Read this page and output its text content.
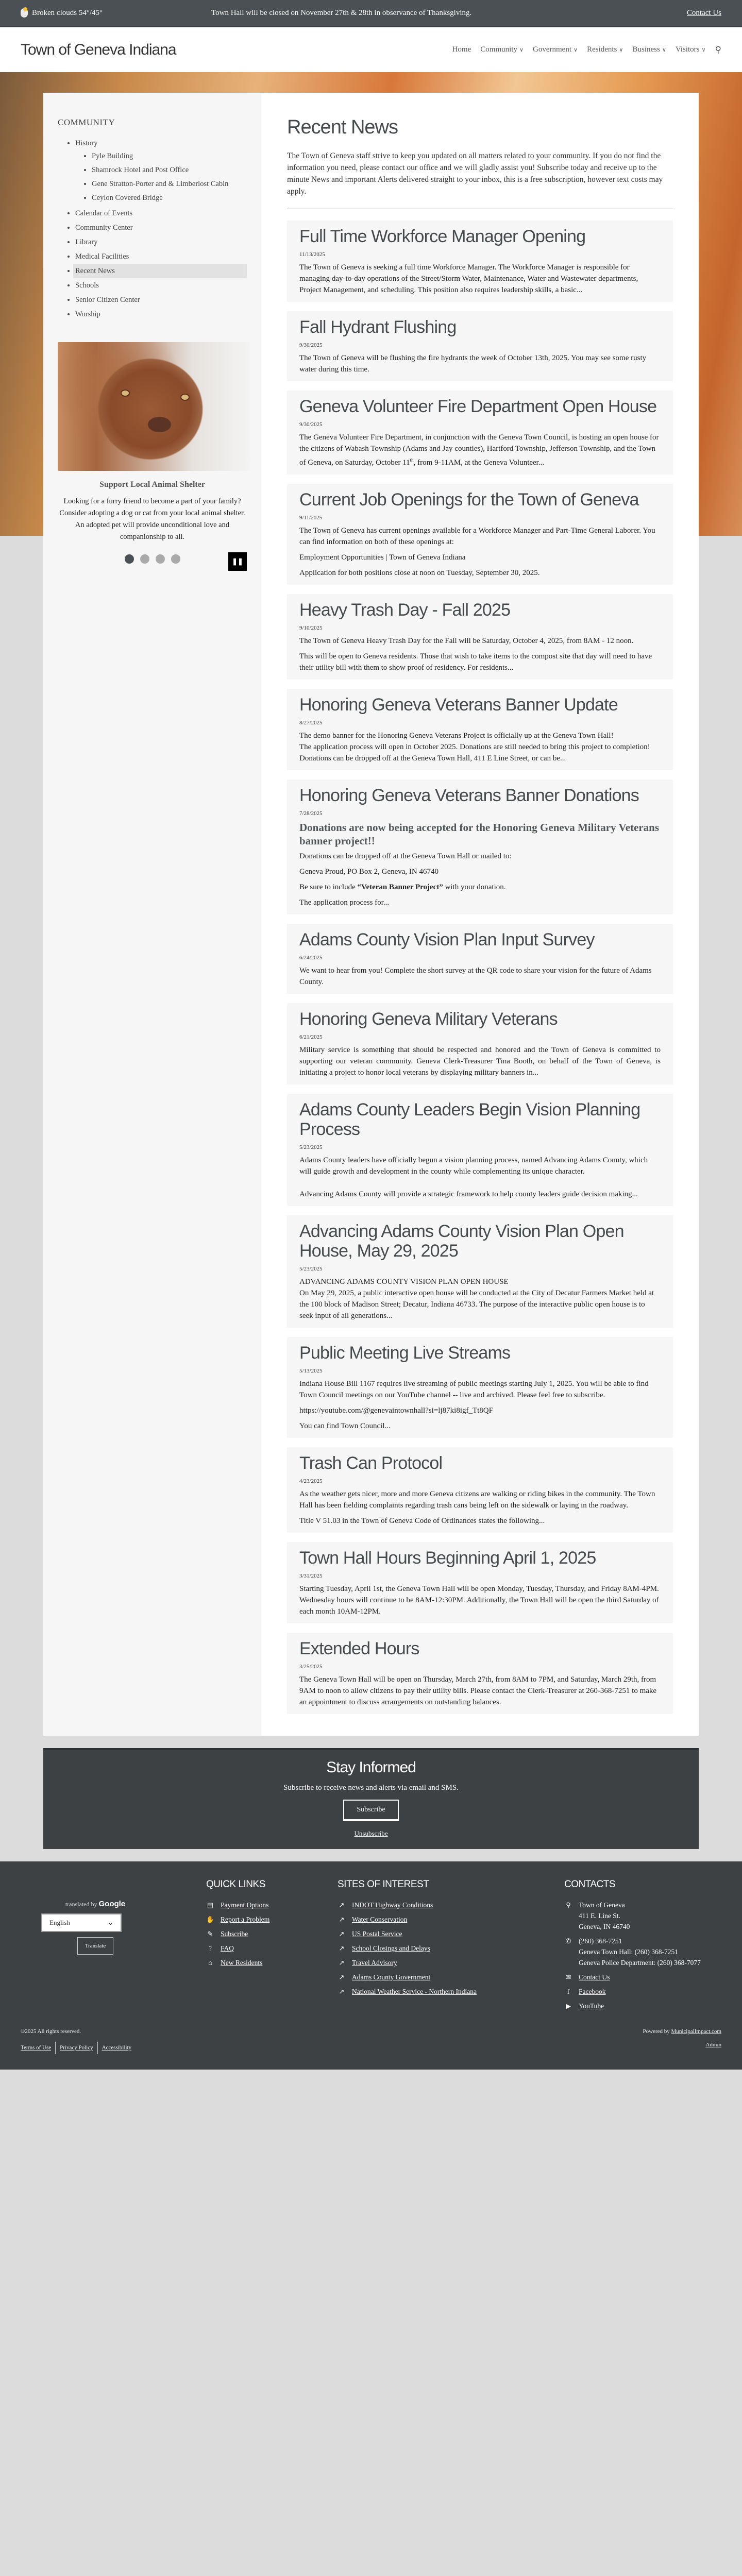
Broken clouds 54°/45°	Town Hall will be closed on November 27th & 28th in observance of Thanksgiving.	Contact Us
Town of Geneva Indiana	Home Community ∨ Government ∨ Residents ∨ Business ∨ Visitors ∨ ⚲
COMMUNITY
• History
• Pyle Building
• Shamrock Hotel and Post Office
• Gene Stratton-Porter and & Limberlost Cabin
• Ceylon Covered Bridge
• Calendar of Events
• Community Center
• Library
• Medical Facilities
• Recent News
• Schools
• Senior Citizen Center
• Worship
Support Local Animal Shelter

Looking for a furry friend to become a part of your family? Consider adopting a dog or cat from your local animal shelter. An adopted pet will provide unconditional love and companionship to all.

❚❚
Recent News

The Town of Geneva staff strive to keep you updated on all matters related to your community. If you do not find the information you need, please contact our office and we will gladly assist you! Subscribe today and receive up to the minute News and important Alerts delivered straight to your inbox, this is a free subscription, however text costs may apply.

Full Time Workforce Manager Opening
11/13/2025

The Town of Geneva is seeking a full time Workforce Manager. The Workforce Manager is responsible for managing day-to-day operations of the Street/Storm Water, Maintenance, Water and Wastewater departments, Project Management, and scheduling. This position also requires leadership skills, a basic...

Fall Hydrant Flushing
9/30/2025

The Town of Geneva will be flushing the fire hydrants the week of October 13th, 2025. You may see some rusty water during this time.

Geneva Volunteer Fire Department Open House
9/30/2025

The Geneva Volunteer Fire Department, in conjunction with the Geneva Town Council, is hosting an open house for the citizens of Wabash Township (Adams and Jay counties), Hartford Township, Jefferson Township, and the Town of Geneva, on Saturday, October 11th, from 9-11AM, at the Geneva Volunteer...

Current Job Openings for the Town of Geneva
9/11/2025

The Town of Geneva has current openings available for a Workforce Manager and Part-Time General Laborer. You can find information on both of these openings at:

Employment Opportunities | Town of Geneva Indiana

Application for both positions close at noon on Tuesday, September 30, 2025.

Heavy Trash Day - Fall 2025
9/10/2025

The Town of Geneva Heavy Trash Day for the Fall will be Saturday, October 4, 2025, from 8AM - 12 noon.

This will be open to Geneva residents. Those that wish to take items to the compost site that day will need to have their utility bill with them to show proof of residency. For residents...

Honoring Geneva Veterans Banner Update
8/27/2025

The demo banner for the Honoring Geneva Veterans Project is officially up at the Geneva Town Hall!

The application process will open in October 2025. Donations are still needed to bring this project to completion! Donations can be dropped off at the Geneva Town Hall, 411 E Line Street, or can be...

Honoring Geneva Veterans Banner Donations
7/28/2025

Donations are now being accepted for the Honoring Geneva Military Veterans banner project!!

Donations can be dropped off at the Geneva Town Hall or mailed to:

Geneva Proud, PO Box 2, Geneva, IN 46740

Be sure to include “Veteran Banner Project” with your donation.

The application process for...

Adams County Vision Plan Input Survey
6/24/2025

We want to hear from you! Complete the short survey at the QR code to share your vision for the future of Adams County.

Honoring Geneva Military Veterans
6/21/2025

Military service is something that should be respected and honored and the Town of Geneva is committed to supporting our veteran community. Geneva Clerk-Treasurer Tina Booth, on behalf of the Town of Geneva, is initiating a project to honor local veterans by displaying military banners in...

Adams County Leaders Begin Vision Planning Process
5/23/2025

Adams County leaders have officially begun a vision planning process, named Advancing Adams County, which will guide growth and development in the county while complementing its unique character.

Advancing Adams County will provide a strategic framework to help county leaders guide decision making...

Advancing Adams County Vision Plan Open House, May 29, 2025
5/23/2025

ADVANCING ADAMS COUNTY VISION PLAN OPEN HOUSE

On May 29, 2025, a public interactive open house will be conducted at the City of Decatur Farmers Market held at the 100 block of Madison Street; Decatur, Indiana 46733. The purpose of the interactive public open house is to seek input of all generations...

Public Meeting Live Streams
5/13/2025

Indiana House Bill 1167 requires live streaming of public meetings starting July 1, 2025. You will be able to find Town Council meetings on our YouTube channel -- live and archived. Please feel free to subscribe.

https://youtube.com/@genevaintownhall?si=lj87ki8igf_Tt8QF

You can find Town Council...

Trash Can Protocol
4/23/2025

As the weather gets nicer, more and more Geneva citizens are walking or riding bikes in the community. The Town Hall has been fielding complaints regarding trash cans being left on the sidewalk or laying in the roadway.

Title V 51.03 in the Town of Geneva Code of Ordinances states the following...

Town Hall Hours Beginning April 1, 2025
3/31/2025

Starting Tuesday, April 1st, the Geneva Town Hall will be open Monday, Tuesday, Thursday, and Friday 8AM-4PM. Wednesday hours will continue to be 8AM-12:30PM. Additionally, the Town Hall will be open the third Saturday of each month 10AM-12PM.

Extended Hours
3/25/2025

The Geneva Town Hall will be open on Thursday, March 27th, from 8AM to 7PM, and Saturday, March 29th, from 9AM to noon to allow citizens to pay their utility bills. Please contact the Clerk-Treasurer at 260-368-7251 to make an appointment to discuss arrangements on outstanding balances.

Stay Informed

Subscribe to receive news and alerts via email and SMS.

Subscribe
Unsubscribe
translated by Google
English	⌄
Translate
QUICK LINKS
▤ Payment Options
✋ Report a Problem
✎ Subscribe
?	FAQ
⌂	New Residents
SITES OF INTEREST
↗ INDOT Highway Conditions
↗ Water Conservation
↗ US Postal Service
↗ School Closings and Delays
↗ Travel Advisory
↗ Adams County Government
↗ National Weather Service - Northern Indiana
CONTACTS
⚲ Town of Geneva
411 E. Line St.
Geneva, IN 46740
✆ (260) 368-7251
Geneva Town Hall: (260) 368-7251
Geneva Police Department: (260) 368-7077
✉ Contact Us
f	Facebook
▶ YouTube
©2025 All rights reserved.	Powered by MunicipalImpact.com
Terms of Use Privacy Policy Accessibility	Admin
